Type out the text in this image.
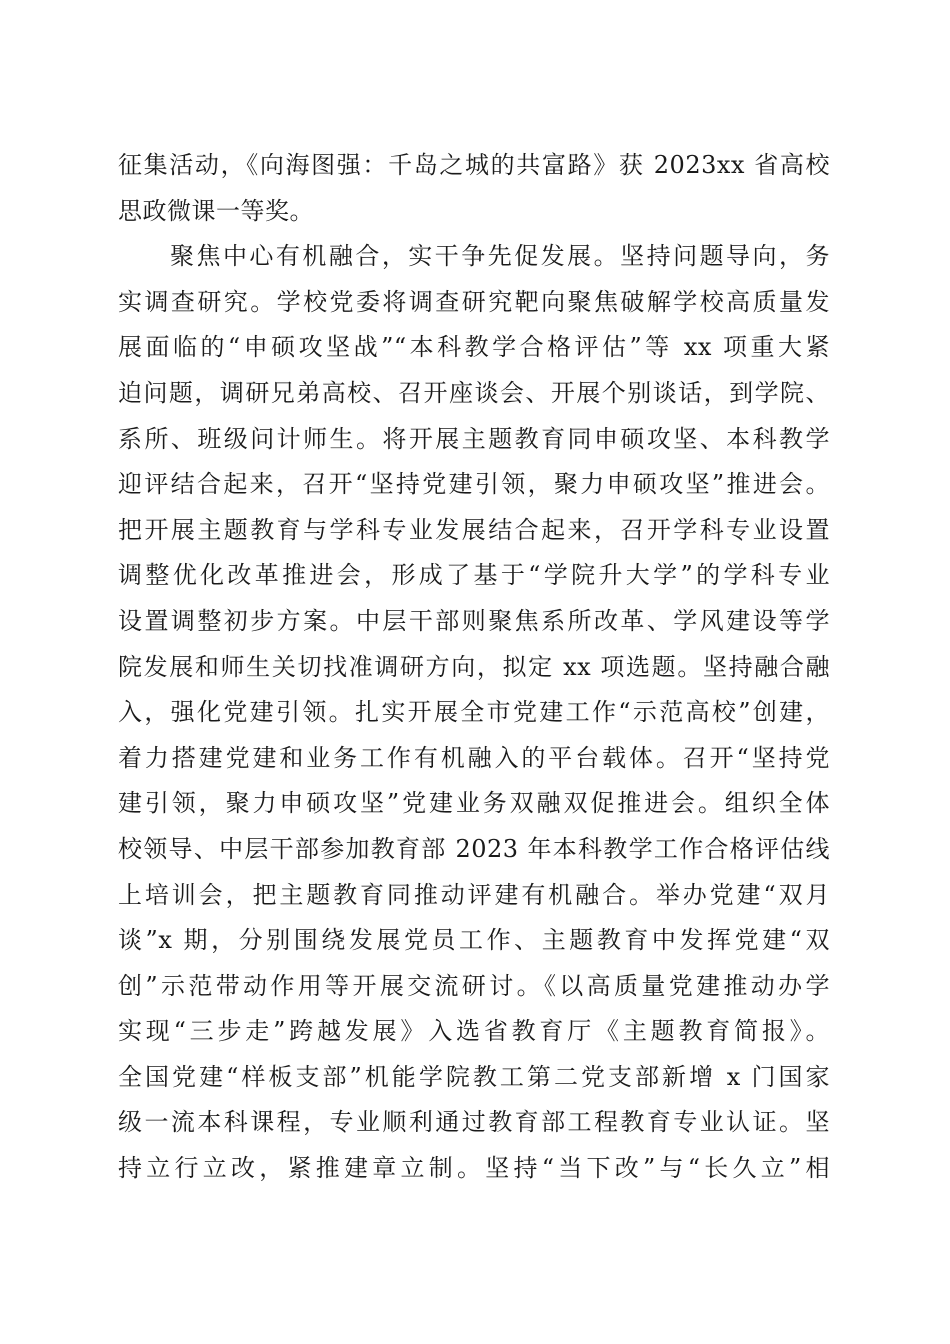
征集活动，《向海图强：千岛之城的共富路》获 2023xx 省高校
思政微课一等奖。
聚焦中心有机融合，实干争先促发展。坚持问题导向，务
实调查研究。学校党委将调查研究靶向聚焦破解学校高质量发
展面临的“申硕攻坚战”“本科教学合格评估”等 xx 项重大紧
迫问题，调研兄弟高校、召开座谈会、开展个别谈话，到学院、
系所、班级问计师生。将开展主题教育同申硕攻坚、本科教学
迎评结合起来，召开“坚持党建引领，聚力申硕攻坚”推进会。
把开展主题教育与学科专业发展结合起来，召开学科专业设置
调整优化改革推进会，形成了基于“学院升大学”的学科专业
设置调整初步方案。中层干部则聚焦系所改革、学风建设等学
院发展和师生关切找准调研方向，拟定 xx 项选题。坚持融合融
入，强化党建引领。扎实开展全市党建工作“示范高校”创建，
着力搭建党建和业务工作有机融入的平台载体。召开“坚持党
建引领，聚力申硕攻坚”党建业务双融双促推进会。组织全体
校领导、中层干部参加教育部 2023 年本科教学工作合格评估线
上培训会，把主题教育同推动评建有机融合。举办党建“双月
谈”x 期，分别围绕发展党员工作、主题教育中发挥党建“双
创”示范带动作用等开展交流研讨。《以高质量党建推动办学
实现“三步走”跨越发展》入选省教育厅《主题教育简报》。
全国党建“样板支部”机能学院教工第二党支部新增 x 门国家
级一流本科课程，专业顺利通过教育部工程教育专业认证。坚
持立行立改，紧推建章立制。坚持“当下改”与“长久立”相
